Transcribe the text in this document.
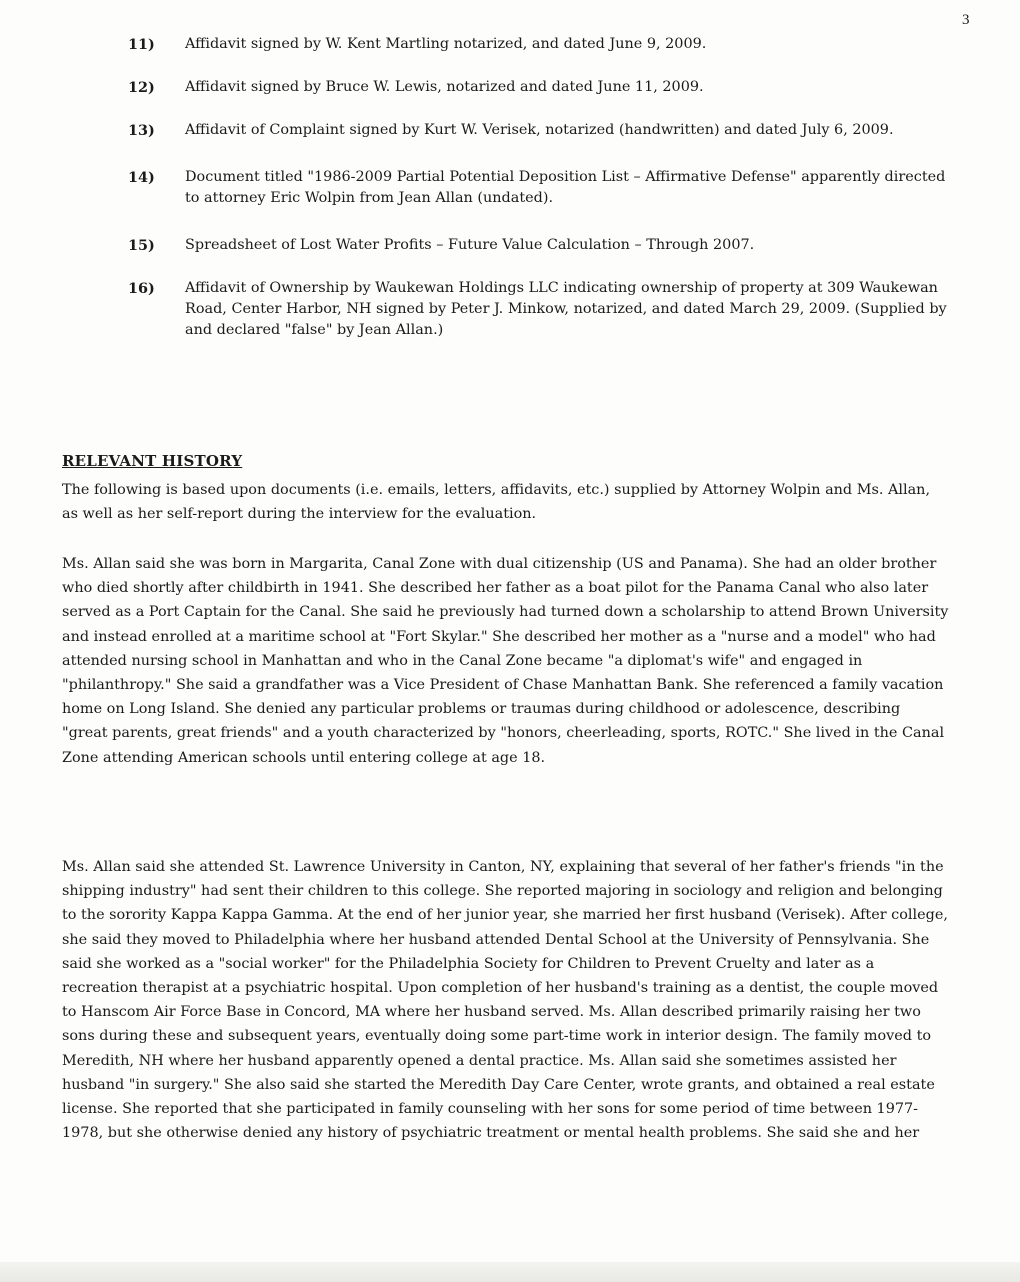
3
11)	Affidavit signed by W. Kent Martling notarized, and dated June 9, 2009.
12)	Affidavit signed by Bruce W. Lewis, notarized and dated June 11, 2009.
13)	Affidavit of Complaint signed by Kurt W. Verisek, notarized (handwritten) and dated July 6, 2009.
14)	Document titled "1986-2009 Partial Potential Deposition List – Affirmative Defense" apparently directed to attorney Eric Wolpin from Jean Allan (undated).
15)	Spreadsheet of Lost Water Profits – Future Value Calculation – Through 2007.
16)	Affidavit of Ownership by Waukewan Holdings LLC indicating ownership of property at 309 Waukewan Road, Center Harbor, NH signed by Peter J. Minkow, notarized, and dated March 29, 2009. (Supplied by and declared "false" by Jean Allan.)
RELEVANT HISTORY

The following is based upon documents (i.e. emails, letters, affidavits, etc.) supplied by Attorney Wolpin and Ms. Allan, as well as her self-report during the interview for the evaluation.

Ms. Allan said she was born in Margarita, Canal Zone with dual citizenship (US and Panama). She had an older brother who died shortly after childbirth in 1941. She described her father as a boat pilot for the Panama Canal who also later served as a Port Captain for the Canal. She said he previously had turned down a scholarship to attend Brown University and instead enrolled at a maritime school at "Fort Skylar." She described her mother as a "nurse and a model" who had attended nursing school in Manhattan and who in the Canal Zone became "a diplomat's wife" and engaged in "philanthropy." She said a grandfather was a Vice President of Chase Manhattan Bank. She referenced a family vacation home on Long Island. She denied any particular problems or traumas during childhood or adolescence, describing "great parents, great friends" and a youth characterized by "honors, cheerleading, sports, ROTC." She lived in the Canal Zone attending American schools until entering college at age 18.

Ms. Allan said she attended St. Lawrence University in Canton, NY, explaining that several of her father's friends "in the shipping industry" had sent their children to this college. She reported majoring in sociology and religion and belonging to the sorority Kappa Kappa Gamma. At the end of her junior year, she married her first husband (Verisek). After college, she said they moved to Philadelphia where her husband attended Dental School at the University of Pennsylvania. She said she worked as a "social worker" for the Philadelphia Society for Children to Prevent Cruelty and later as a recreation therapist at a psychiatric hospital. Upon completion of her husband's training as a dentist, the couple moved to Hanscom Air Force Base in Concord, MA where her husband served. Ms. Allan described primarily raising her two sons during these and subsequent years, eventually doing some part-time work in interior design. The family moved to Meredith, NH where her husband apparently opened a dental practice. Ms. Allan said she sometimes assisted her husband "in surgery." She also said she started the Meredith Day Care Center, wrote grants, and obtained a real estate license. She reported that she participated in family counseling with her sons for some period of time between 1977-1978, but she otherwise denied any history of psychiatric treatment or mental health problems. She said she and her
